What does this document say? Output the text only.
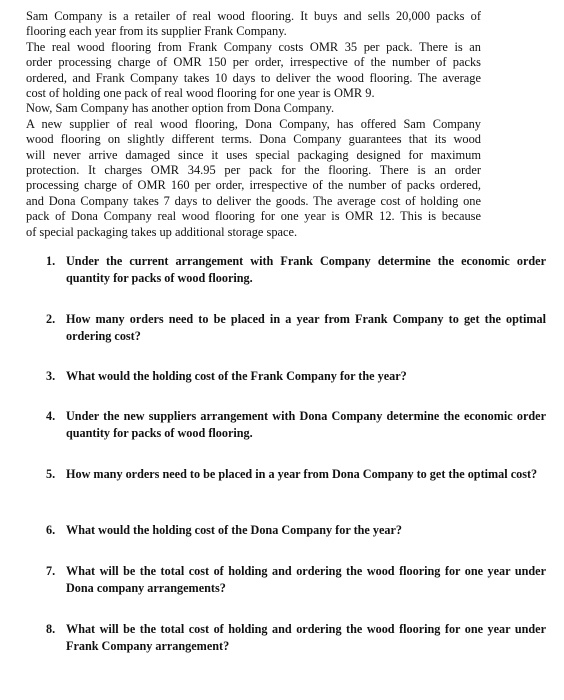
Sam Company is a retailer of real wood flooring. It buys and sells 20,000 packs of
flooring each year from its supplier Frank Company.
The real wood flooring from Frank Company costs OMR 35 per pack. There is an
order processing charge of OMR 150 per order, irrespective of the number of packs
ordered, and Frank Company takes 10 days to deliver the wood flooring. The average
cost of holding one pack of real wood flooring for one year is OMR 9.
Now, Sam Company has another option from Dona Company.
A new supplier of real wood flooring, Dona Company, has offered Sam Company
wood flooring on slightly different terms. Dona Company guarantees that its wood
will never arrive damaged since it uses special packaging designed for maximum
protection. It charges OMR 34.95 per pack for the flooring. There is an order
processing charge of OMR 160 per order, irrespective of the number of packs ordered,
and Dona Company takes 7 days to deliver the goods. The average cost of holding one
pack of Dona Company real wood flooring for one year is OMR 12. This is because
of special packaging takes up additional storage space.
1. Under the current arrangement with Frank Company determine the economic order quantity for packs of wood flooring.
2. How many orders need to be placed in a year from Frank Company to get the optimal ordering cost?
3. What would the holding cost of the Frank Company for the year?
4. Under the new suppliers arrangement with Dona Company determine the economic order quantity for packs of wood flooring.
5. How many orders need to be placed in a year from Dona Company to get the optimal cost?
6. What would the holding cost of the Dona Company for the year?
7. What will be the total cost of holding and ordering the wood flooring for one year under Dona company arrangements?
8. What will be the total cost of holding and ordering the wood flooring for one year under Frank Company arrangement?
